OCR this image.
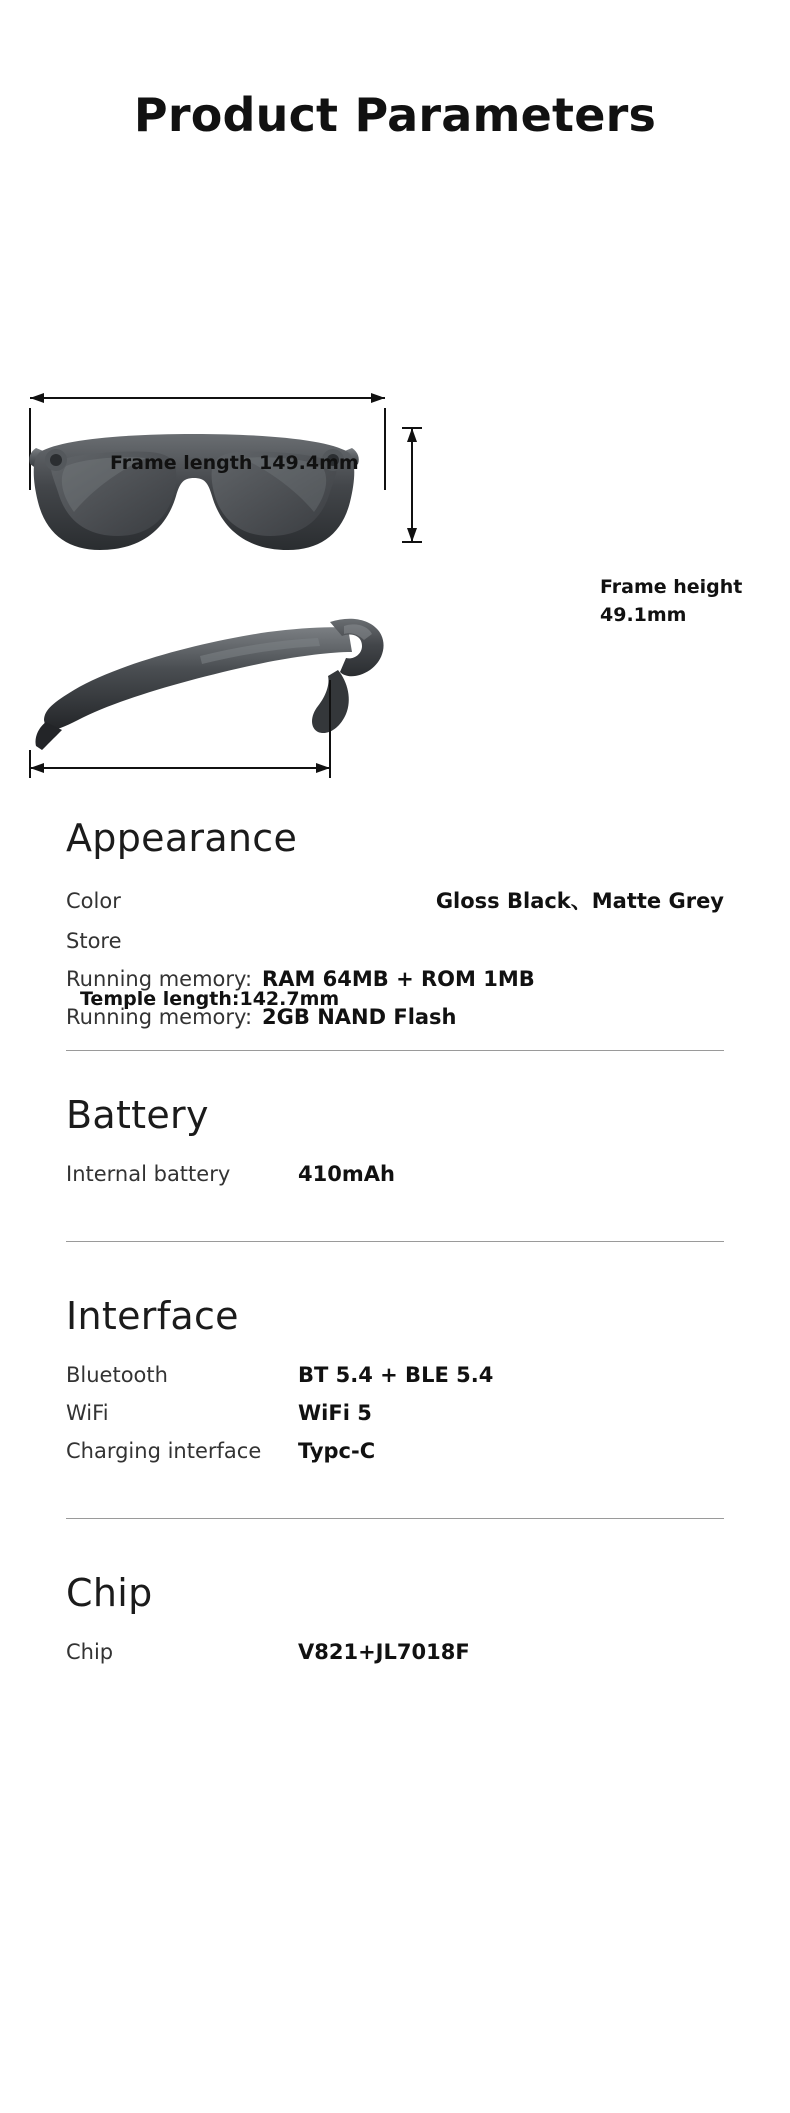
Product Parameters
Frame length 149.4mm
Frame height 49.1mm
Temple length:142.7mm
Appearance
Color	Gloss Black、Matte Grey
Store
Running memory: RAM 64MB + ROM 1MB
Running memory: 2GB NAND Flash
Battery
Internal battery	410mAh
Interface
Bluetooth	BT 5.4 + BLE 5.4
WiFi	WiFi 5
Charging interface	Typc-C
Chip
Chip	V821+JL7018F
